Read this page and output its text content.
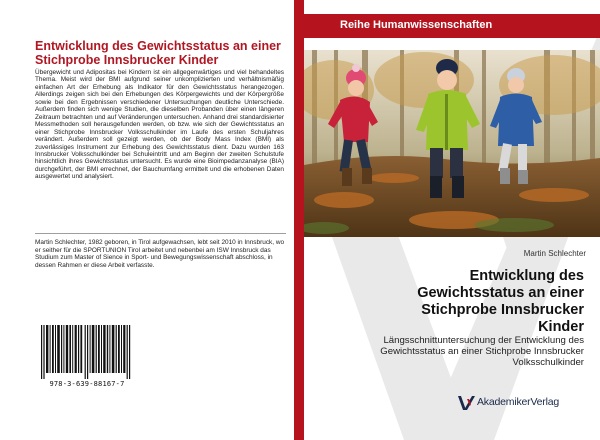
Entwicklung des Gewichtsstatus an einer Stichprobe Innsbrucker Kinder
Übergewicht und Adipositas bei Kindern ist ein allgegenwärtiges und viel behandeltes Thema. Meist wird der BMI aufgrund seiner unkomplizierten und verhältnismäßig einfachen Art der Erhebung als Indikator für den Gewichtsstatus herangezogen. Allerdings zeigen sich bei den Erhebungen des Körpergewichts und der Körpergröße sowie bei den Ergebnissen verschiedener Untersuchungen deutliche Unterschiede. Außerdem finden sich wenige Studien, die dieselben Probanden über einen längeren Zeitraum betrachten und auf Veränderungen untersuchen. Anhand drei standardisierter Messmethoden soll herausgefunden werden, ob bzw. wie sich der Gewichtsstatus an einer Stichprobe Innsbrucker Volksschulkinder im Laufe des ersten Schuljahres verändert. Außerdem soll gezeigt werden, ob der Body Mass Index (BMI) als zuverlässiges Instrument zur Erhebung des Gewichtsstatus dient. Dazu wurden 163 Innsbrucker Volksschulkinder bei Schuleintritt und am Beginn der zweiten Schulstufe hinsichtlich ihres Gewichtsstatus untersucht. Es wurde eine Bioimpedanzanalyse (BIA) durchgeführt, der BMI errechnet, der Bauchumfang ermittelt und die erhobenen Daten ausgewertet und analysiert.
Martin Schlechter, 1982 geboren, in Tirol aufgewachsen, lebt seit 2010 in Innsbruck, wo er seither für die SPORTUNION Tirol arbeitet und nebenbei am ISW Innsbruck das Studium zum Master of Sience in Sport- und Bewegungswissenschaft abschloss, in dessen Rahmen er diese Arbeit verfasste.
978-3-639-88167-7
Reihe Humanwissenschaften
Martin Schlechter
Entwicklung des Gewichtsstatus an einer Stichprobe Innsbrucker Kinder
Längsschnittuntersuchung der Entwicklung des Gewichtsstatus an einer Stichprobe Innsbrucker Volksschulkinder
AkademikerVerlag
